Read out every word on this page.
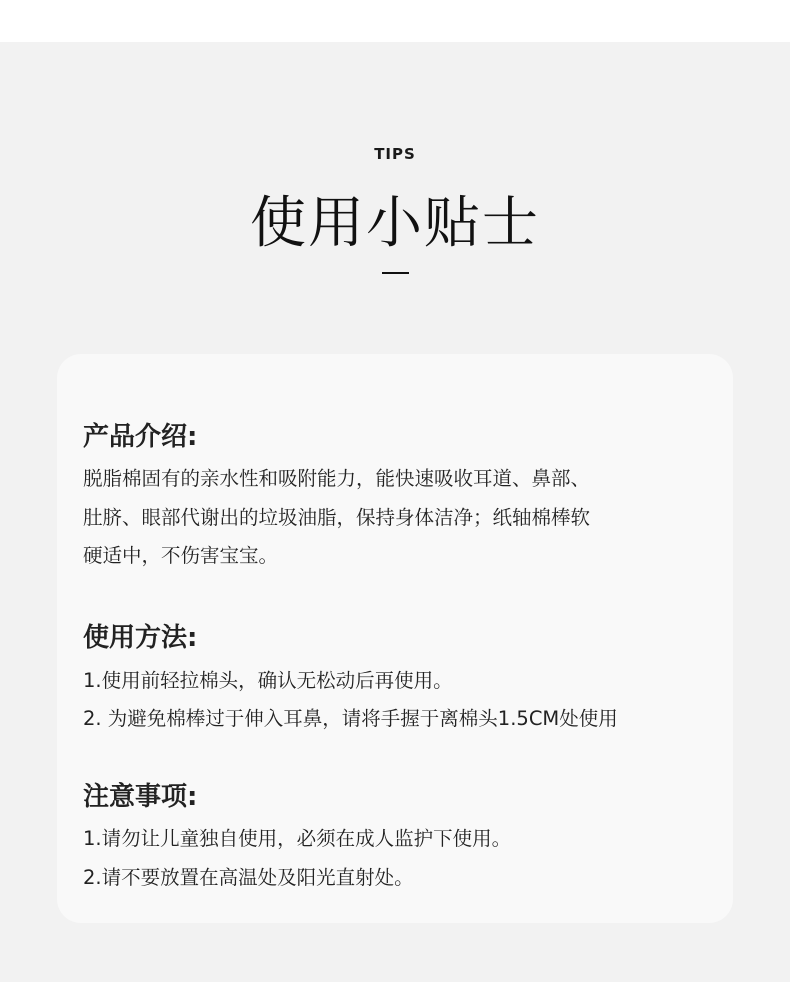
TIPS
使用小贴士
产品介绍:

脱脂棉固有的亲水性和吸附能力，能快速吸收耳道、鼻部、

肚脐、眼部代谢出的垃圾油脂，保持身体洁净；纸轴棉棒软

硬适中，不伤害宝宝。

使用方法:

1.使用前轻拉棉头，确认无松动后再使用。

2. 为避免棉棒过于伸入耳鼻，请将手握于离棉头1.5CM处使用

注意事项:

1.请勿让儿童独自使用，必须在成人监护下使用。

2.请不要放置在高温处及阳光直射处。
